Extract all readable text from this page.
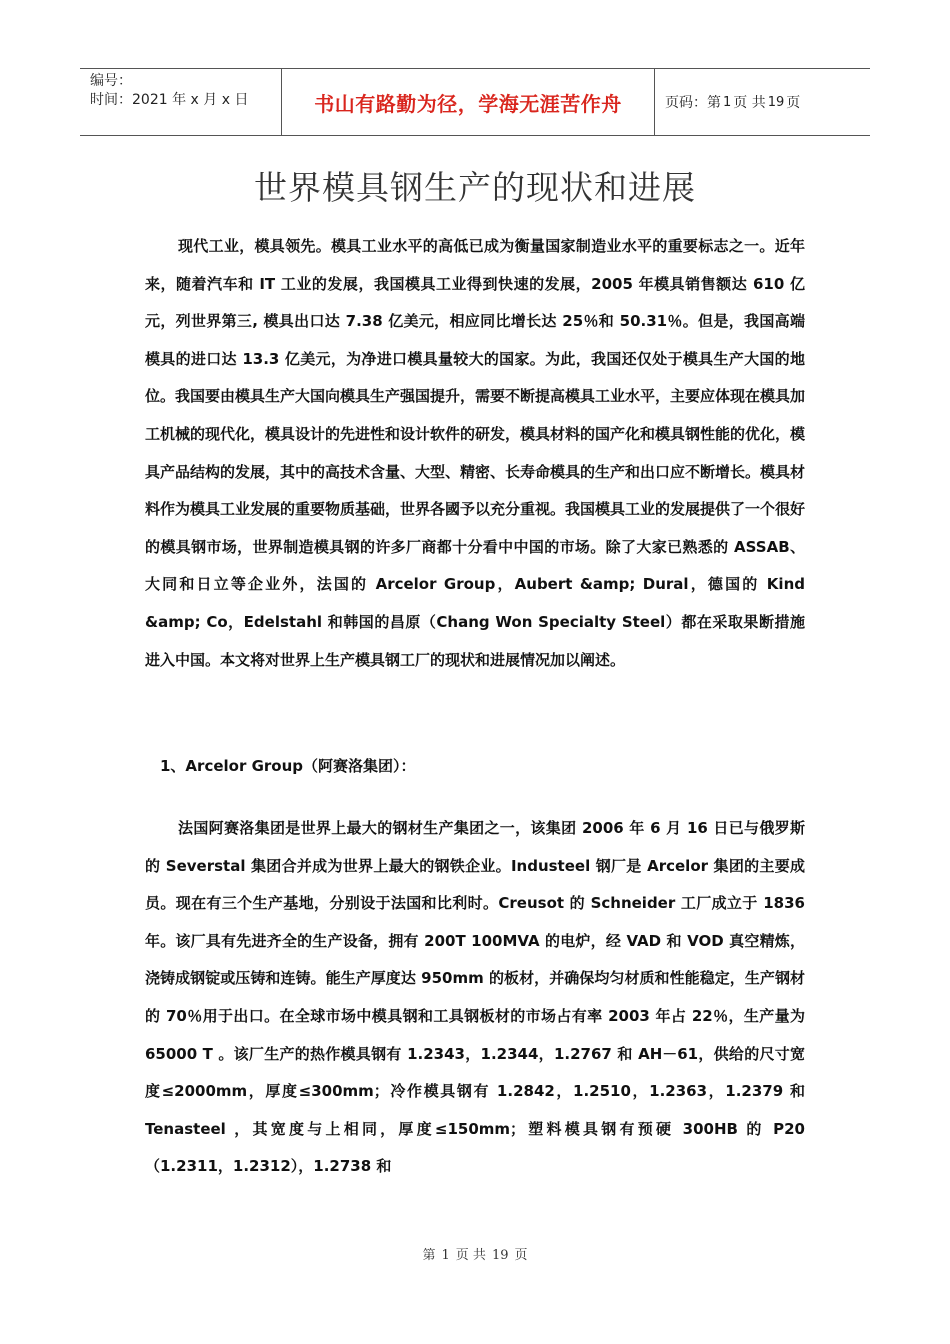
编号：
时间：2021 年 x 月 x 日	书山有路勤为径，学海无涯苦作舟	页码：第 1 页 共 19 页
世界模具钢生产的现状和进展

现代工业，模具领先。模具工业水平的高低已成为衡量国家制造业水平的重要标志之一。近年来，随着汽车和 IT 工业的发展，我国模具工业得到快速的发展，2005 年模具销售额达 610 亿元，列世界第三, 模具出口达 7.38 亿美元，相应同比增长达 25％和 50.31％。但是，我国高端模具的进口达 13.3 亿美元，为净进口模具量较大的国家。为此，我国还仅处于模具生产大国的地位。我国要由模具生产大国向模具生产强国提升，需要不断提高模具工业水平，主要应体现在模具加工机械的现代化，模具设计的先进性和设计软件的研发，模具材料的国产化和模具钢性能的优化，模具产品结构的发展，其中的高技术含量、大型、精密、长寿命模具的生产和出口应不断增长。模具材料作为模具工业发展的重要物质基础，世界各國予以充分重视。我国模具工业的发展提供了一个很好的模具钢市场，世界制造模具钢的许多厂商都十分看中中国的市场。除了大家已熟悉的 ASSAB、大同和日立等企业外，法国的 Arcelor Group，Aubert &amp; Dural，德国的 Kind &amp; Co，Edelstahl 和韩国的昌原（Chang Won Specialty Steel）都在采取果断措施进入中国。本文将对世界上生产模具钢工厂的现状和进展情况加以阐述。

1、Arcelor Group（阿赛洛集团）：

法国阿赛洛集团是世界上最大的钢材生产集团之一，该集团 2006 年 6 月 16 日已与俄罗斯的 Severstal 集团合并成为世界上最大的钢铁企业。Industeel 钢厂是 Arcelor 集团的主要成员。现在有三个生产基地，分别设于法国和比利时。Creusot 的 Schneider 工厂成立于 1836 年。该厂具有先进齐全的生产设备，拥有 200T 100MVA 的电炉，经 VAD 和 VOD 真空精炼，浇铸成钢锭或压铸和连铸。能生产厚度达 950mm 的板材，并确保均匀材质和性能稳定，生产钢材的 70％用于出口。在全球市场中模具钢和工具钢板材的市场占有率 2003 年占 22％，生产量为 65000 T 。该厂生产的热作模具钢有 1.2343，1.2344，1.2767 和 AH－61，供给的尺寸宽度≤2000mm，厚度≤300mm；冷作模具钢有 1.2842，1.2510，1.2363，1.2379 和 Tenasteel ，其宽度与上相同，厚度≤150mm；塑料模具钢有预硬 300HB 的 P20 （1.2311，1.2312），1.2738 和

第 1 页 共 19 页
